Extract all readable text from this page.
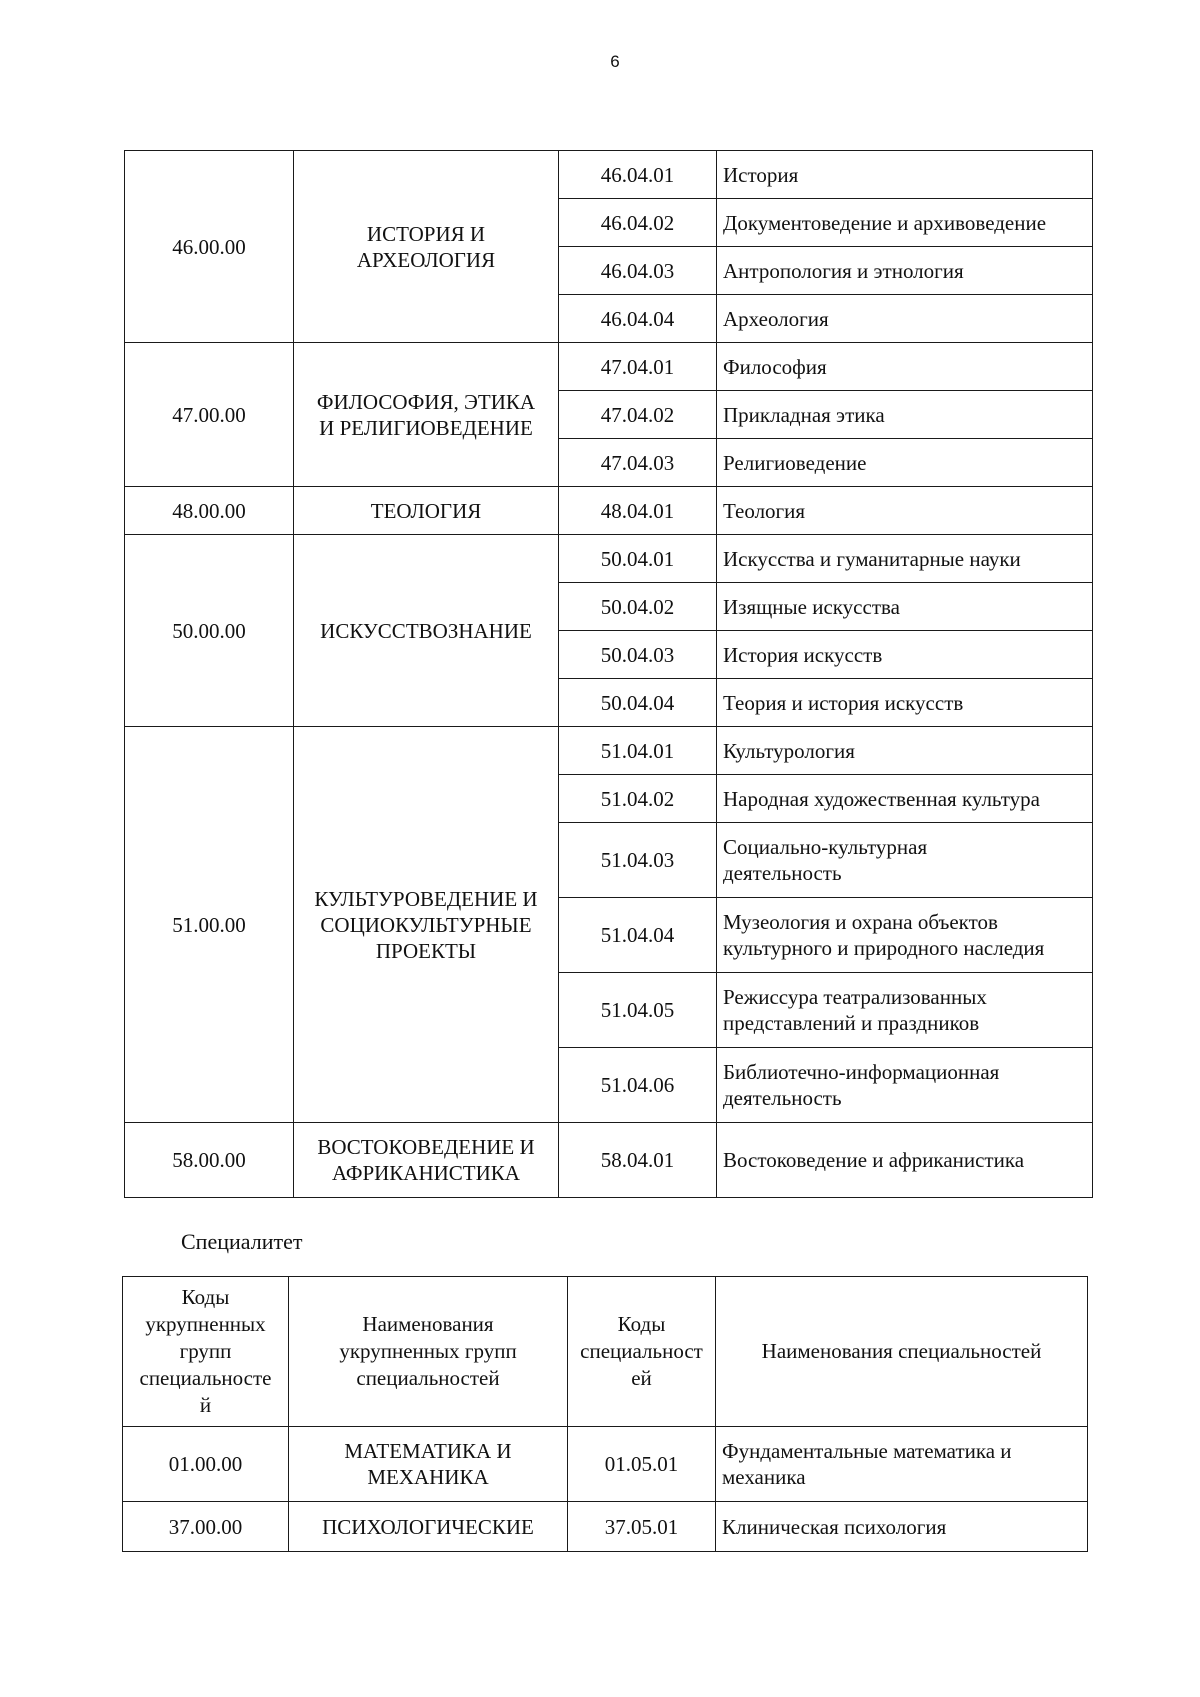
6
46.00.00	ИСТОРИЯ И
АРХЕОЛОГИЯ	46.04.01	История
		46.04.02	Документоведение и архивоведение
		46.04.03	Антропология и этнология
		46.04.04	Археология
47.00.00	ФИЛОСОФИЯ, ЭТИКА
И РЕЛИГИОВЕДЕНИЕ	47.04.01	Философия
		47.04.02	Прикладная этика
		47.04.03	Религиоведение
48.00.00	ТЕОЛОГИЯ	48.04.01	Теология
50.00.00	ИСКУССТВОЗНАНИЕ	50.04.01	Искусства и гуманитарные науки
		50.04.02	Изящные искусства
		50.04.03	История искусств
		50.04.04	Теория и история искусств
51.00.00	КУЛЬТУРОВЕДЕНИЕ И
СОЦИОКУЛЬТУРНЫЕ
ПРОЕКТЫ	51.04.01	Культурология
		51.04.02	Народная художественная культура
		51.04.03	Социально-культурная
деятельность
		51.04.04	Музеология и охрана объектов
культурного и природного наследия
		51.04.05	Режиссура театрализованных
представлений и праздников
		51.04.06	Библиотечно-информационная
деятельность
58.00.00	ВОСТОКОВЕДЕНИЕ И
АФРИКАНИСТИКА	58.04.01	Востоковедение и африканистика
Специалитет
Коды
укрупненных
групп
специальносте
й	Наименования
укрупненных групп
специальностей	Коды
специальност
ей	Наименования специальностей
01.00.00	МАТЕМАТИКА И
МЕХАНИКА	01.05.01	Фундаментальные математика и
механика
37.00.00	ПСИХОЛОГИЧЕСКИЕ	37.05.01	Клиническая психология
